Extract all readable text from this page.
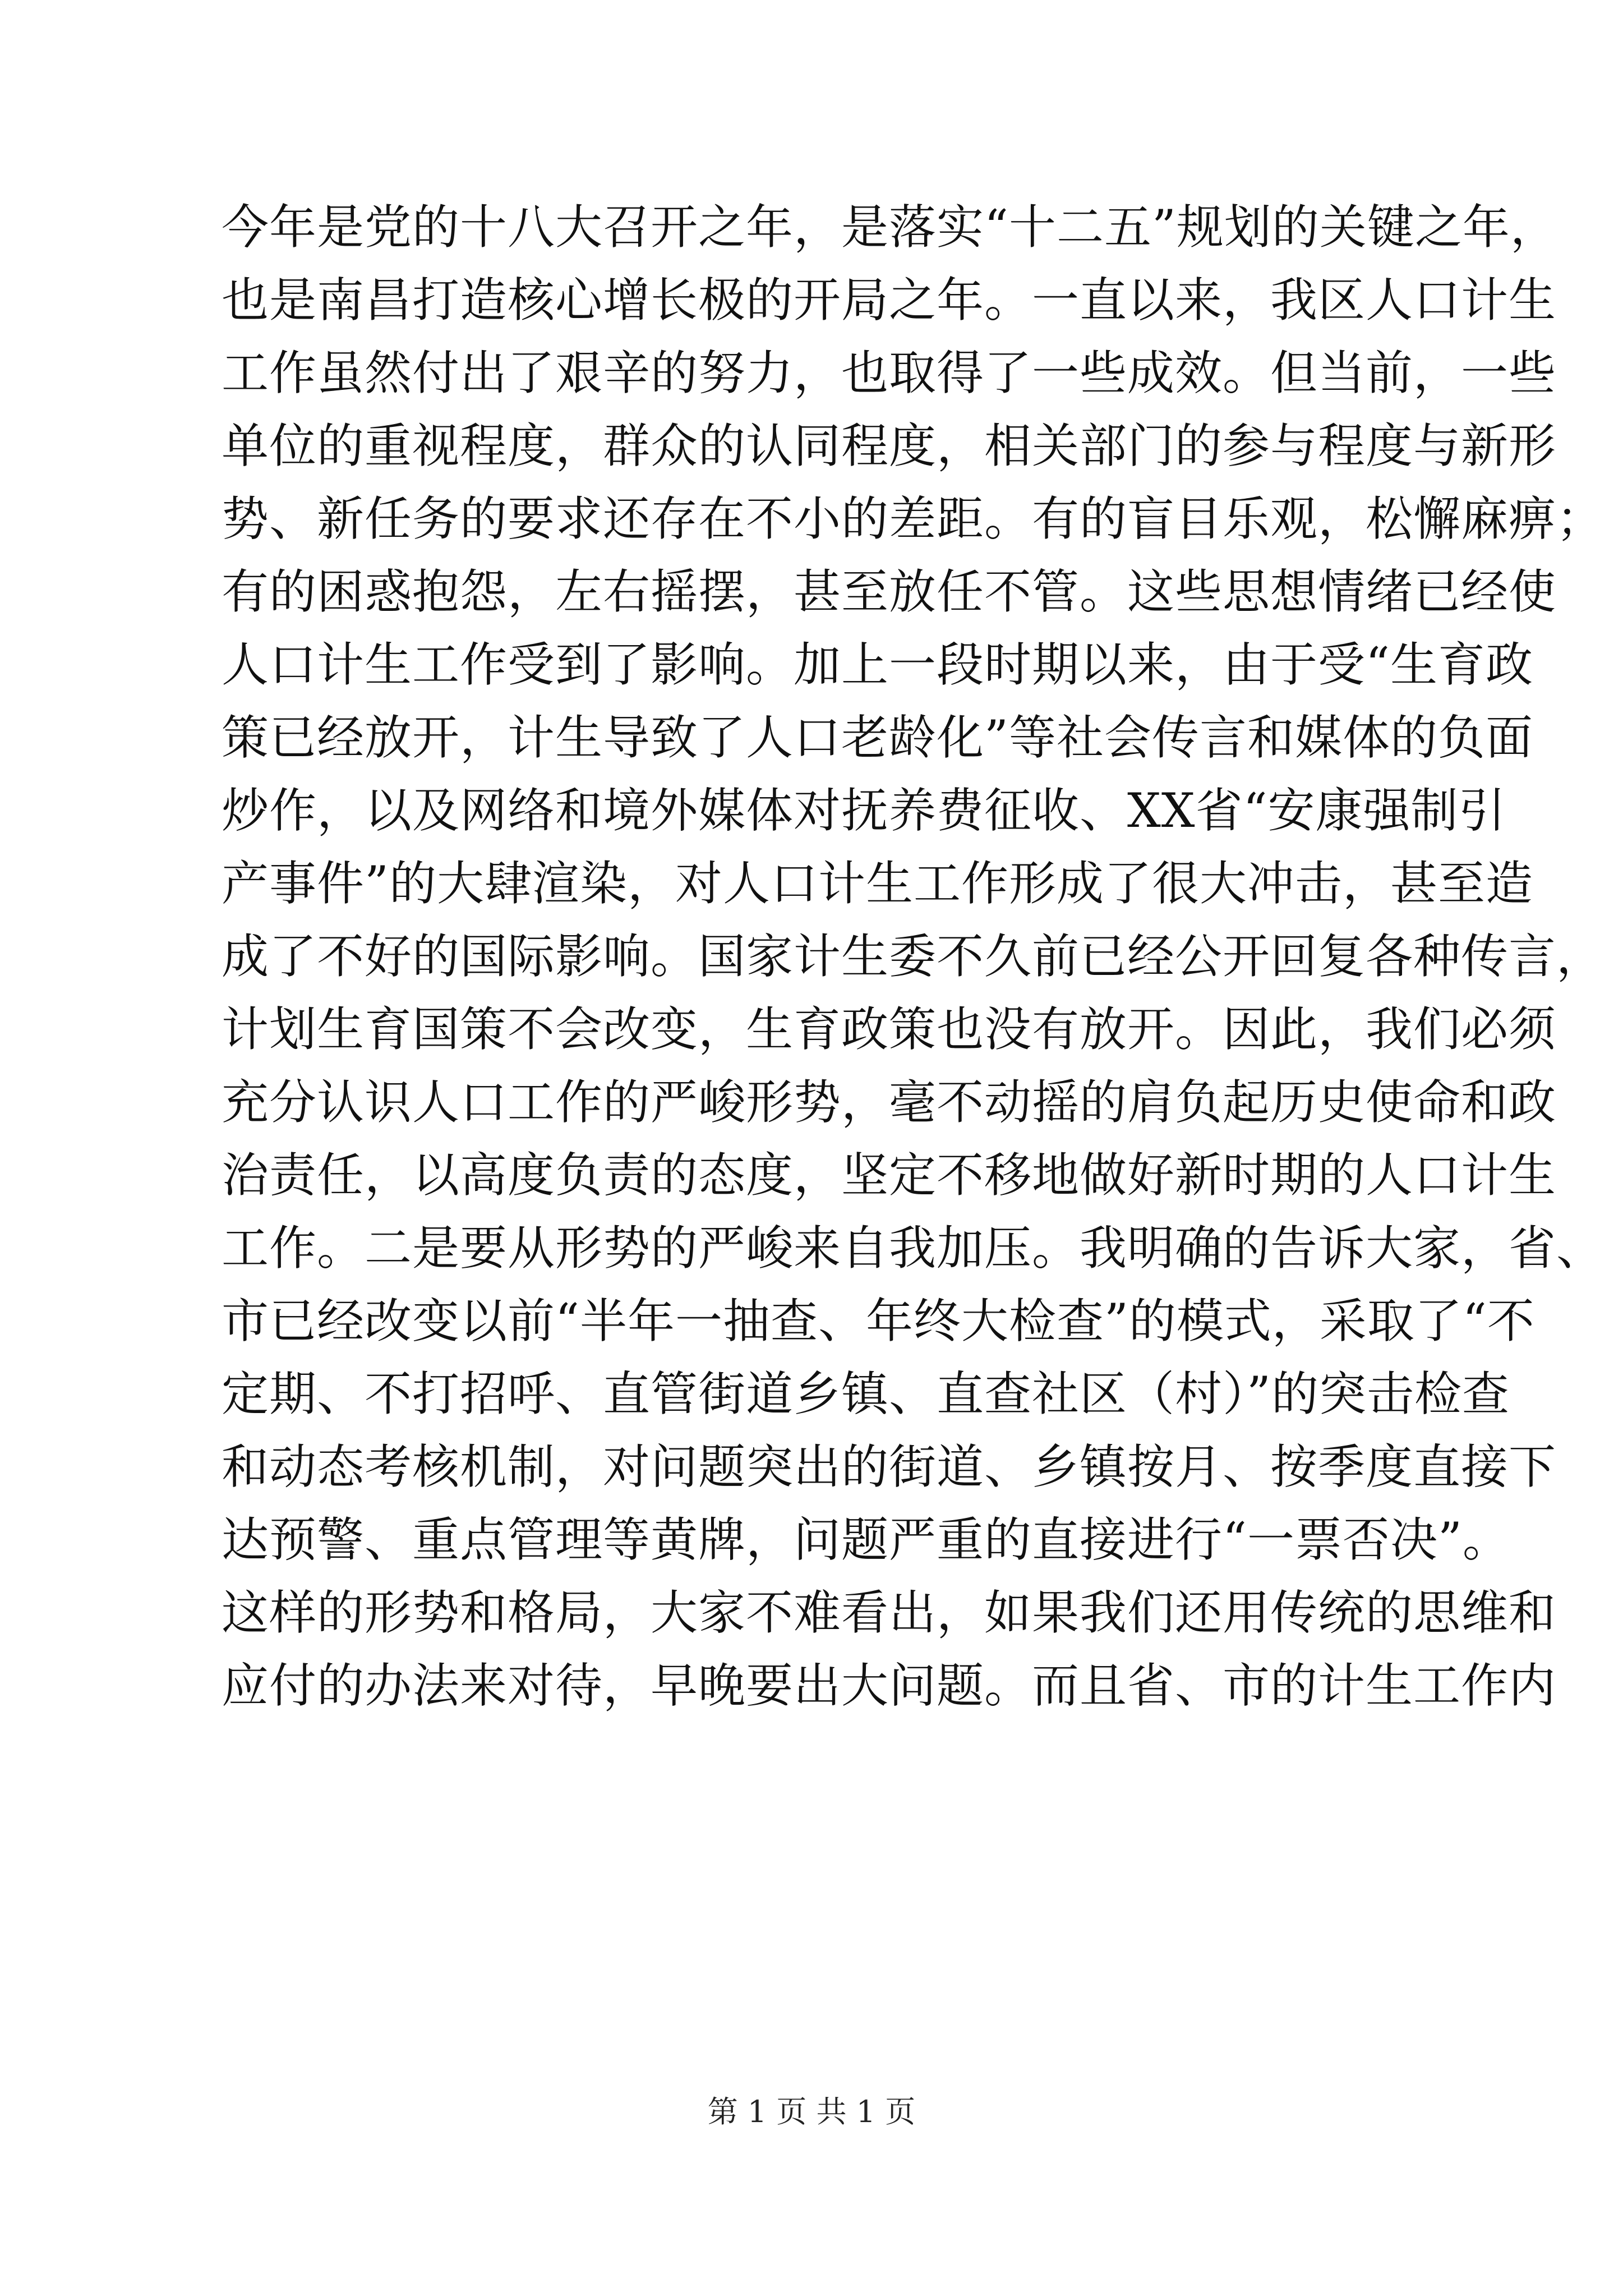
今年是党的十八大召开之年，是落实“十二五”规划的关键之年，
也是南昌打造核心增长极的开局之年。一直以来，我区人口计生
工作虽然付出了艰辛的努力，也取得了一些成效。但当前，一些
单位的重视程度，群众的认同程度，相关部门的参与程度与新形
势、新任务的要求还存在不小的差距。有的盲目乐观，松懈麻痹；
有的困惑抱怨，左右摇摆，甚至放任不管。这些思想情绪已经使
人口计生工作受到了影响。加上一段时期以来，由于受“生育政
策已经放开，计生导致了人口老龄化”等社会传言和媒体的负面
炒作，以及网络和境外媒体对抚养费征收、XX省“安康强制引
产事件”的大肆渲染，对人口计生工作形成了很大冲击，甚至造
成了不好的国际影响。国家计生委不久前已经公开回复各种传言，
计划生育国策不会改变，生育政策也没有放开。因此，我们必须
充分认识人口工作的严峻形势，毫不动摇的肩负起历史使命和政
治责任，以高度负责的态度，坚定不移地做好新时期的人口计生
工作。二是要从形势的严峻来自我加压。我明确的告诉大家，省、
市已经改变以前“半年一抽查、年终大检查”的模式，采取了“不
定期、不打招呼、直管街道乡镇、直查社区（村）”的突击检查
和动态考核机制，对问题突出的街道、乡镇按月、按季度直接下
达预警、重点管理等黄牌，问题严重的直接进行“一票否决”。
这样的形势和格局，大家不难看出，如果我们还用传统的思维和
应付的办法来对待，早晚要出大问题。而且省、市的计生工作内
第 1 页 共 1 页
